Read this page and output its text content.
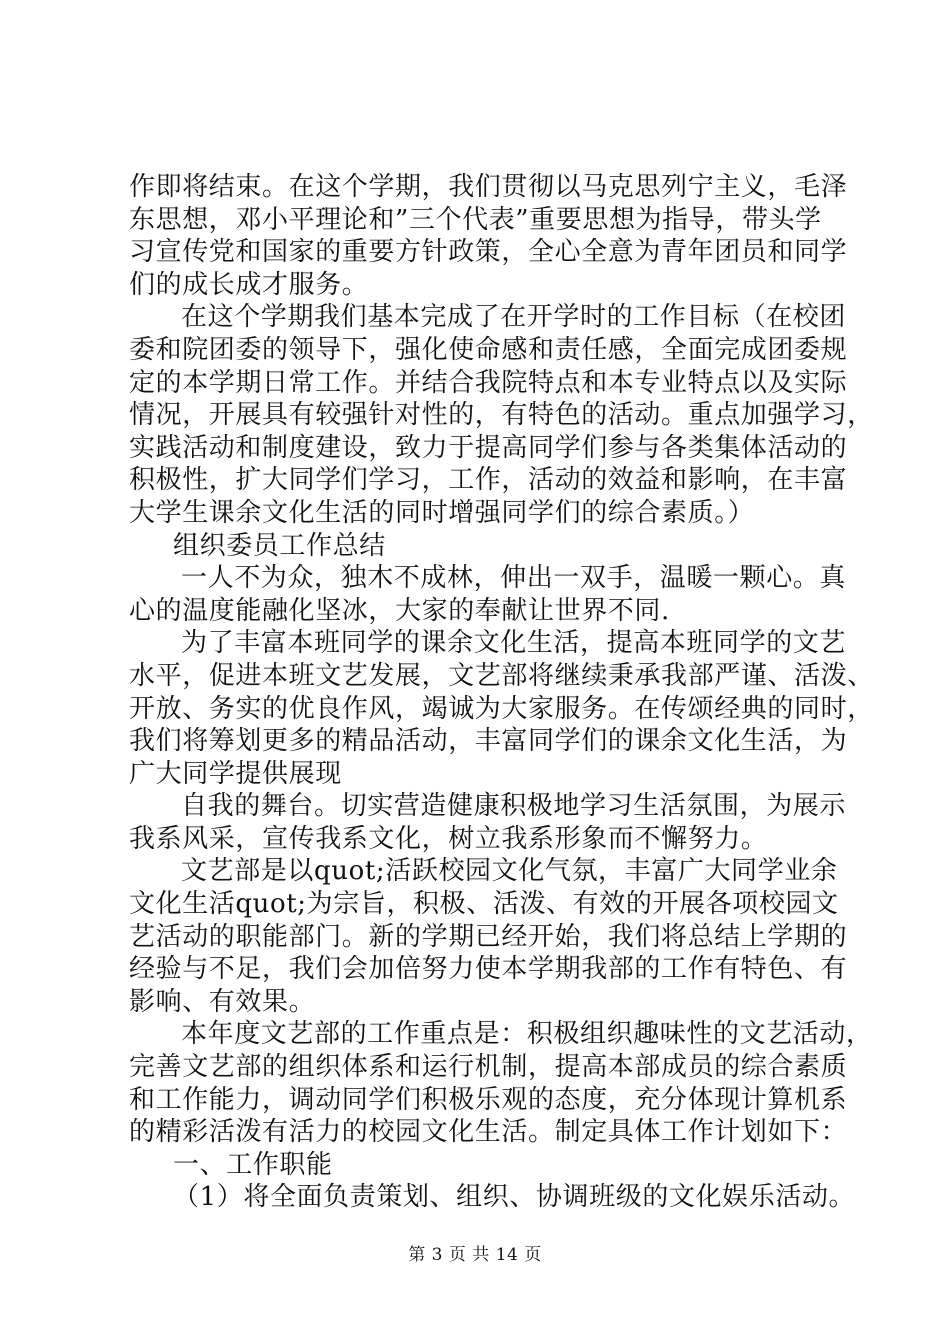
作即将结束。在这个学期，我们贯彻以马克思列宁主义，毛泽
东思想，邓小平理论和”三个代表”重要思想为指导，带头学
习宣传党和国家的重要方针政策，全心全意为青年团员和同学
们的成长成才服务。
在这个学期我们基本完成了在开学时的工作目标（在校团
委和院团委的领导下，强化使命感和责任感，全面完成团委规
定的本学期日常工作。并结合我院特点和本专业特点以及实际
情况，开展具有较强针对性的，有特色的活动。重点加强学习，
实践活动和制度建设，致力于提高同学们参与各类集体活动的
积极性，扩大同学们学习，工作，活动的效益和影响，在丰富
大学生课余文化生活的同时增强同学们的综合素质。）
组织委员工作总结
一人不为众，独木不成林，伸出一双手，温暖一颗心。真
心的温度能融化坚冰，大家的奉献让世界不同.
为了丰富本班同学的课余文化生活，提高本班同学的文艺
水平，促进本班文艺发展，文艺部将继续秉承我部严谨、活泼、
开放、务实的优良作风，竭诚为大家服务。在传颂经典的同时，
我们将筹划更多的精品活动，丰富同学们的课余文化生活，为
广大同学提供展现
自我的舞台。切实营造健康积极地学习生活氛围，为展示
我系风采，宣传我系文化，树立我系形象而不懈努力。
文艺部是以quot;活跃校园文化气氛，丰富广大同学业余
文化生活quot;为宗旨，积极、活泼、有效的开展各项校园文
艺活动的职能部门。新的学期已经开始，我们将总结上学期的
经验与不足，我们会加倍努力使本学期我部的工作有特色、有
影响、有效果。
本年度文艺部的工作重点是：积极组织趣味性的文艺活动，
完善文艺部的组织体系和运行机制，提高本部成员的综合素质
和工作能力，调动同学们积极乐观的态度，充分体现计算机系
的精彩活泼有活力的校园文化生活。制定具体工作计划如下：
一、工作职能
（1）将全面负责策划、组织、协调班级的文化娱乐活动。
第 3 页 共 14 页
